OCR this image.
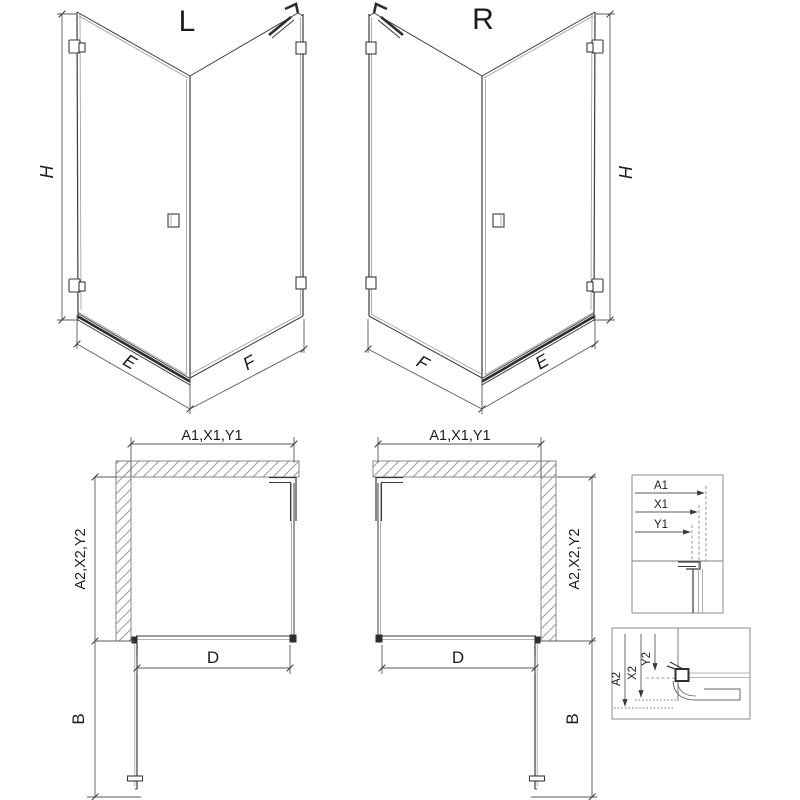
L
H
E	F
R
H
F	E
A1,X1,Y1
A2,X2,Y2
B
D
A1,X1,Y1
A2,X2,Y2
B
D
A1
X1
Y1
A2 X2
Y2
